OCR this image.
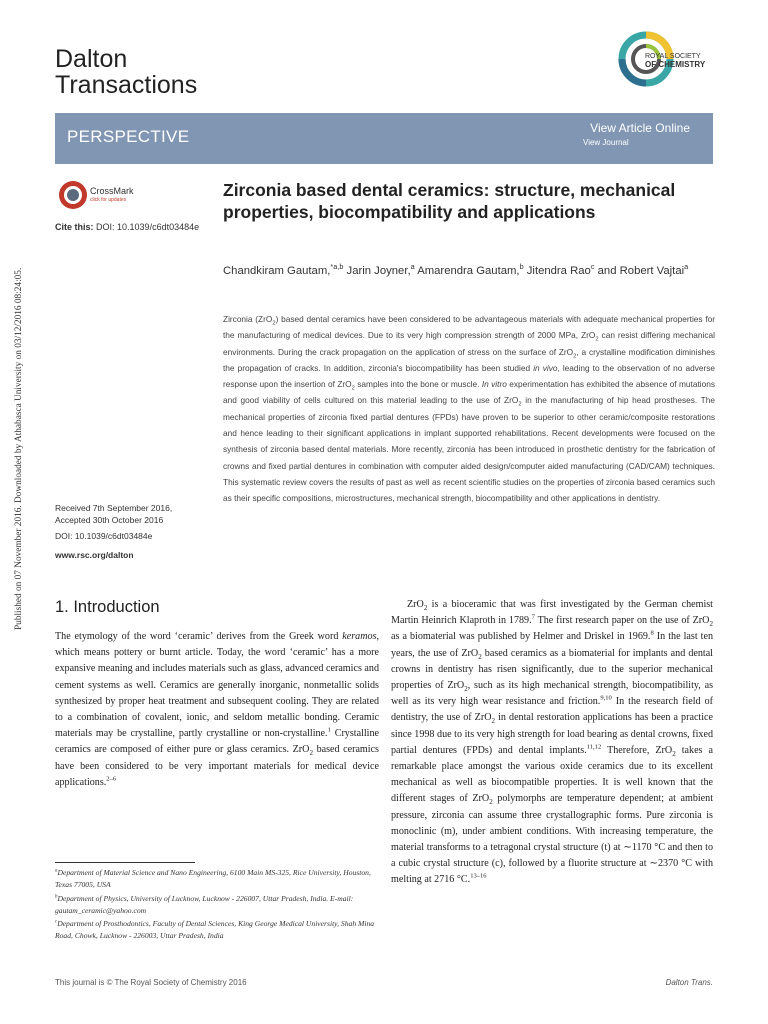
Published on 07 November 2016. Downloaded by Athabasca University on 03/12/2016 08:24:05.
Dalton
Transactions
ROYAL SOCIETY
OF CHEMISTRY
PERSPECTIVE	View Article Online
View Journal
CrossMark
click for updates
Cite this: DOI: 10.1039/c6dt03484e
Zirconia based dental ceramics: structure, mechanical properties, biocompatibility and applications
Chandkiram Gautam,$^{*a,b}$ Jarin Joyner,$^a$ Amarendra Gautam,$^b$ Jitendra Rao$^c$ and Robert Vajtai$^a$
Zirconia (ZrO$_2$) based dental ceramics have been considered to be advantageous materials with adequate mechanical properties for the manufacturing of medical devices. Due to its very high compression strength of 2000 MPa, ZrO$_2$ can resist differing mechanical environments. During the crack propagation on the application of stress on the surface of ZrO$_2$, a crystalline modification diminishes the propagation of cracks. In addition, zirconia's biocompatibility has been studied in vivo, leading to the observation of no adverse response upon the insertion of ZrO$_2$ samples into the bone or muscle. In vitro experimentation has exhibited the absence of mutations and good viability of cells cultured on this material leading to the use of ZrO$_2$ in the manufacturing of hip head prostheses. The mechanical properties of zirconia fixed partial dentures (FPDs) have proven to be superior to other ceramic/composite restorations and hence leading to their significant applications in implant supported rehabilitations. Recent developments were focused on the synthesis of zirconia based dental materials. More recently, zirconia has been introduced in prosthetic dentistry for the fabrication of crowns and fixed partial dentures in combination with computer aided design/computer aided manufacturing (CAD/CAM) techniques. This systematic review covers the results of past as well as recent scientific studies on the properties of zirconia based ceramics such as their specific compositions, microstructures, mechanical strength, biocompatibility and other applications in dentistry.
Received 7th September 2016,
Accepted 30th October 2016
DOI: 10.1039/c6dt03484e
www.rsc.org/dalton
1. Introduction

The etymology of the word ‘ceramic’ derives from the Greek word keramos, which means pottery or burnt article. Today, the word ‘ceramic’ has a more expansive meaning and includes materials such as glass, advanced ceramics and cement systems as well. Ceramics are generally inorganic, nonmetallic solids synthesized by proper heat treatment and subsequent cooling. They are related to a combination of covalent, ionic, and seldom metallic bonding. Ceramic materials may be crystalline, partly crystalline or non-crystalline.$^1$ Crystalline ceramics are composed of either pure or glass ceramics. ZrO$_2$ based ceramics have been considered to be very important materials for medical device applications.$^{2-6}$

ZrO$_2$ is a bioceramic that was first investigated by the German chemist Martin Heinrich Klaproth in 1789.$^7$ The first research paper on the use of ZrO$_2$ as a biomaterial was published by Helmer and Driskel in 1969.$^8$ In the last ten years, the use of ZrO$_2$ based ceramics as a biomaterial for implants and dental crowns in dentistry has risen significantly, due to the superior mechanical properties of ZrO$_2$, such as its high mechanical strength, biocompatibility, as well as its very high wear resistance and friction.$^{9,10}$ In the research field of dentistry, the use of ZrO$_2$ in dental restoration applications has been a practice since 1998 due to its very high strength for load bearing as dental crowns, fixed partial dentures (FPDs) and dental implants.$^{11,12}$ Therefore, ZrO$_2$ takes a remarkable place amongst the various oxide ceramics due to its excellent mechanical as well as biocompatible properties. It is well known that the different stages of ZrO$_2$ polymorphs are temperature dependent; at ambient pressure, zirconia can assume three crystallographic forms. Pure zirconia is monoclinic (m), under ambient conditions. With increasing temperature, the material transforms to a tetragonal crystal structure (t) at ∼1170 °C and then to a cubic crystal structure (c), followed by a fluorite structure at ∼2370 °C with melting at 2716 °C.$^{13-16}$

$^a$Department of Material Science and Nano Engineering, 6100 Main MS-325, Rice University, Houston, Texas 77005, USA
$^b$Department of Physics, University of Lucknow, Lucknow - 226007, Uttar Pradesh, India. E-mail: gautam_ceramic@yahoo.com
$^c$Department of Prosthodontics, Faculty of Dental Sciences, King George Medical University, Shah Mina Road, Chowk, Lucknow - 226003, Uttar Pradesh, India
This journal is © The Royal Society of Chemistry 2016	Dalton Trans.
